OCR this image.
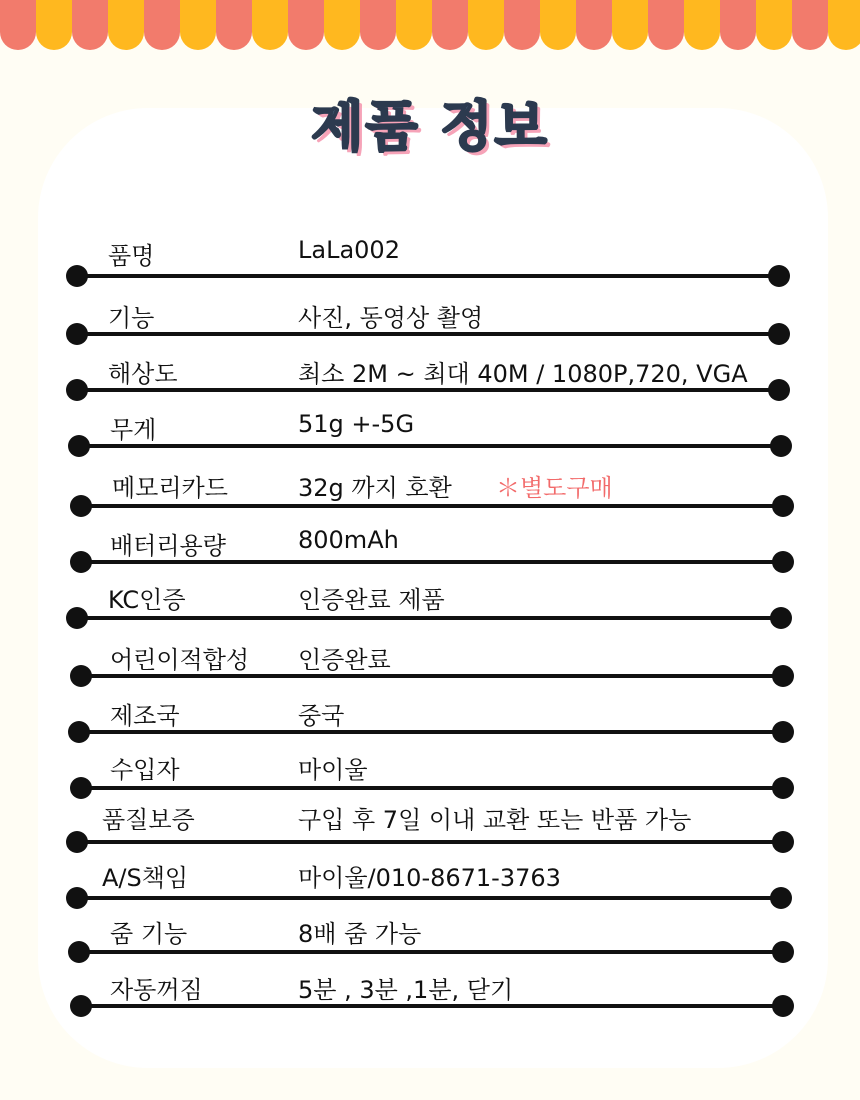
제품 정보
품명	LaLa002
기능	사진, 동영상 촬영
해상도	최소 2M ~ 최대 40M / 1080P,720, VGA
무게	51g +-5G
메모리카드	32g 까지 호환 ＊별도구매
배터리용량	800mAh
KC인증	인증완료 제품
어린이적합성 인증완료
제조국	중국
수입자	마이울
품질보증	구입 후 7일 이내 교환 또는 반품 가능
A/S책임	마이울/010-8671-3763
줌 기능	8배 줌 가능
자동꺼짐	5분 , 3분 ,1분, 닫기
